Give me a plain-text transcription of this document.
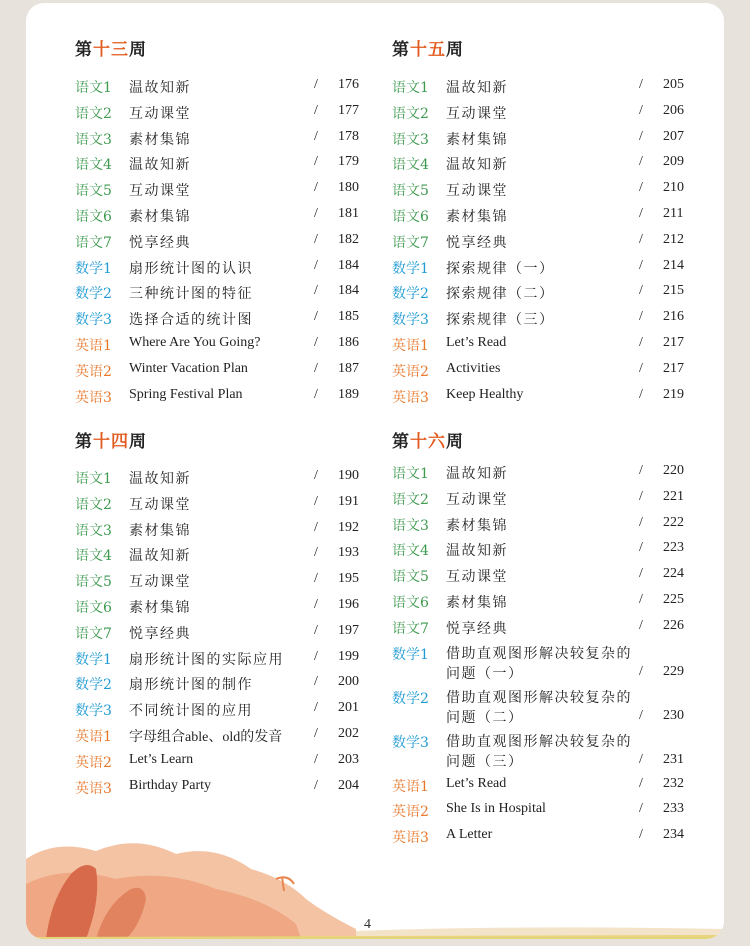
第十三周
语文1 温故知新	/ 176
语文2 互动课堂	/ 177
语文3 素材集锦	/ 178
语文4 温故知新	/ 179
语文5 互动课堂	/ 180
语文6 素材集锦	/ 181
语文7 悦享经典	/ 182
数学1 扇形统计图的认识	/ 184
数学2 三种统计图的特征	/ 184
数学3 选择合适的统计图	/ 185
英语1 Where Are You Going?	/ 186
英语2 Winter Vacation Plan	/ 187
英语3 Spring Festival Plan	/ 189
第十四周
语文1 温故知新	/ 190
语文2 互动课堂	/ 191
语文3 素材集锦	/ 192
语文4 温故知新	/ 193
语文5 互动课堂	/ 195
语文6 素材集锦	/ 196
语文7 悦享经典	/ 197
数学1 扇形统计图的实际应用 / 199
数学2 扇形统计图的制作	/ 200
数学3 不同统计图的应用	/ 201
英语1 字母组合able、old的发音 / 202
英语2 Let’s Learn	/ 203
英语3 Birthday Party	/ 204
第十五周
语文1 温故知新	/ 205
语文2 互动课堂	/ 206
语文3 素材集锦	/ 207
语文4 温故知新	/ 209
语文5 互动课堂	/ 210
语文6 素材集锦	/ 211
语文7 悦享经典	/ 212
数学1 探索规律（一）	/ 214
数学2 探索规律（二）	/ 215
数学3 探索规律（三）	/ 216
英语1 Let’s Read	/ 217
英语2 Activities	/ 217
英语3 Keep Healthy	/ 219
第十六周
语文1 温故知新	/ 220
语文2 互动课堂	/ 221
语文3 素材集锦	/ 222
语文4 温故知新	/ 223
语文5 互动课堂	/ 224
语文6 素材集锦	/ 225
语文7 悦享经典	/ 226
数学1 借助直观图形解决较复杂的
问题（一）	/ 229
数学2 借助直观图形解决较复杂的
问题（二）	/ 230
数学3 借助直观图形解决较复杂的
问题（三）	/ 231
英语1 Let’s Read	/ 232
英语2 She Is in Hospital	/ 233
英语3 A Letter	/ 234
4
